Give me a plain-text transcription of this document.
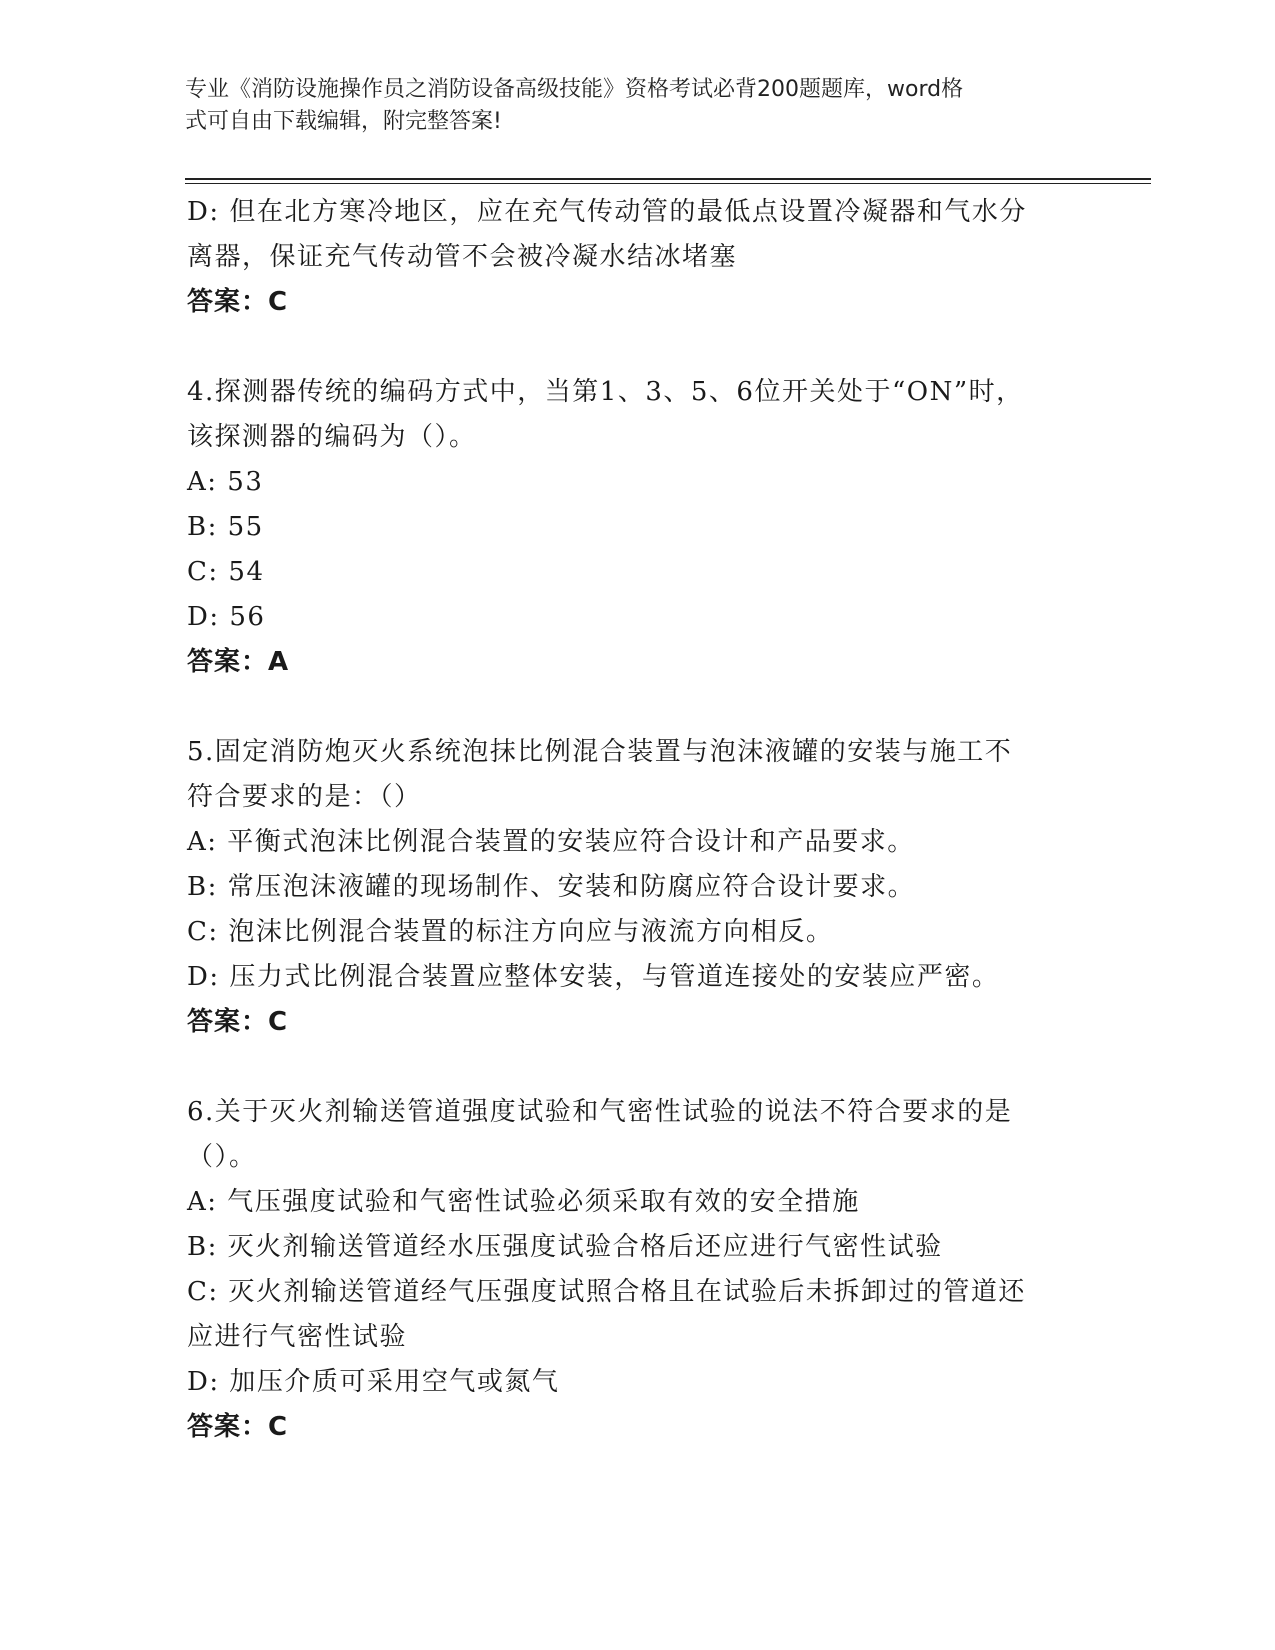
专业《消防设施操作员之消防设备高级技能》资格考试必背200题题库，word格
式可自由下载编辑，附完整答案!
D: 但在北方寒冷地区，应在充气传动管的最低点设置冷凝器和气水分
离器，保证充气传动管不会被冷凝水结冰堵塞
答案：C
4.探测器传统的编码方式中，当第1、3、5、6位开关处于“ON”时，
该探测器的编码为（）。
A: 53
B: 55
C: 54
D: 56
答案：A
5.固定消防炮灭火系统泡抹比例混合装置与泡沫液罐的安装与施工不
符合要求的是：（）
A: 平衡式泡沫比例混合装置的安装应符合设计和产品要求。
B: 常压泡沫液罐的现场制作、安装和防腐应符合设计要求。
C: 泡沫比例混合装置的标注方向应与液流方向相反。
D: 压力式比例混合装置应整体安装，与管道连接处的安装应严密。
答案：C
6.关于灭火剂输送管道强度试验和气密性试验的说法不符合要求的是
（）。
A: 气压强度试验和气密性试验必须采取有效的安全措施
B: 灭火剂输送管道经水压强度试验合格后还应进行气密性试验
C: 灭火剂输送管道经气压强度试照合格且在试验后未拆卸过的管道还
应进行气密性试验
D: 加压介质可采用空气或氮气
答案：C
